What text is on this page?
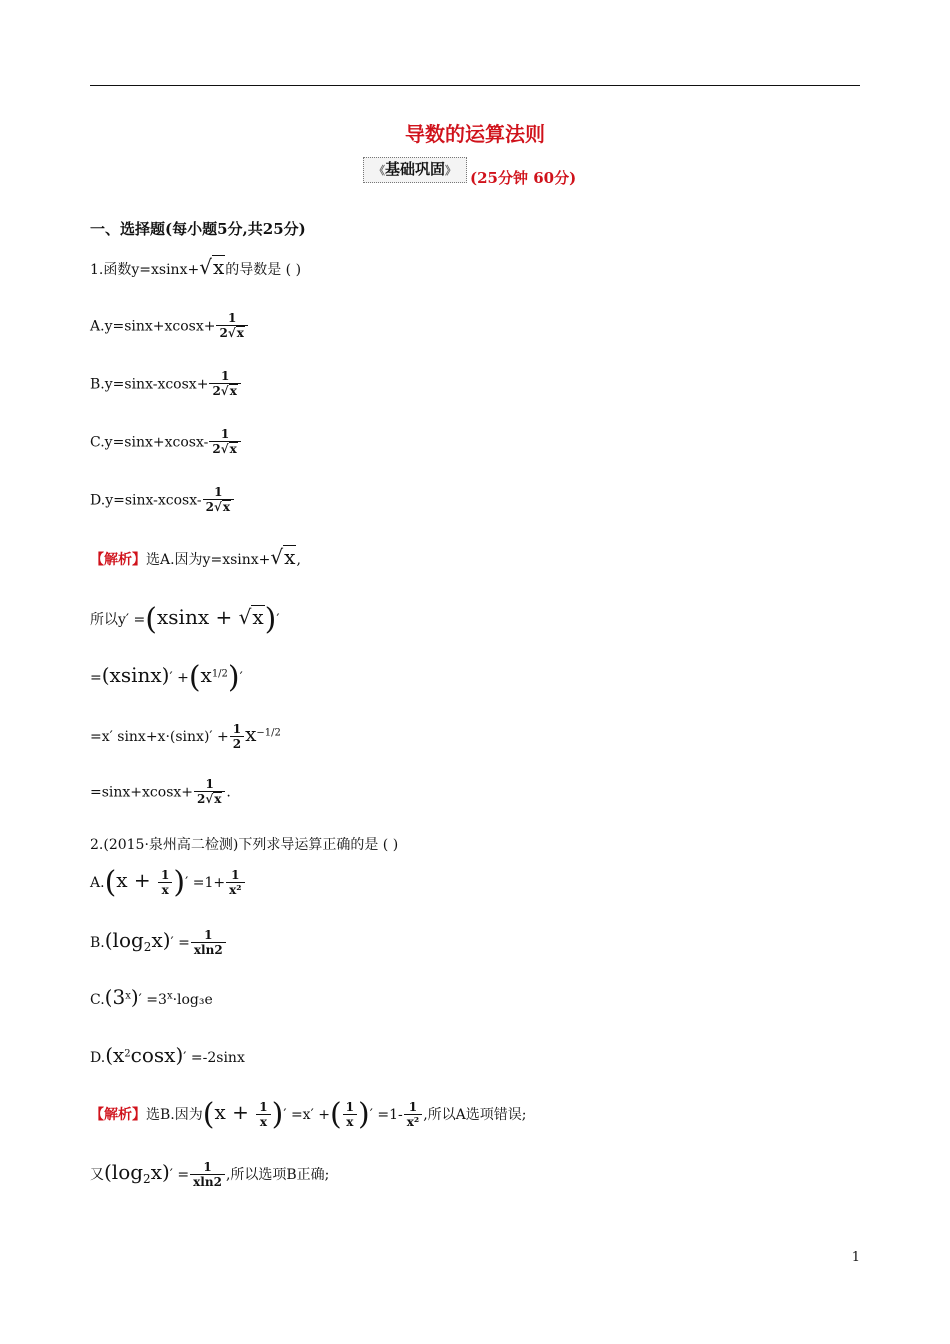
导数的运算法则
《基础巩固》 (25分钟 60分)
一、选择题(每小题5分,共25分)
1.函数y=xsinx+√x的导数是 ( )
$A.y=\sin x+xcosx+ \frac{1}{2√x}$
$B.y=\sin x-xcosx+ \frac{1}{2√x}$
$C.y=\sin x+xcosx- \frac{1}{2√x}$
$D.y=\sin x-xcosx- \frac{1}{2√x}$
【解析】选A.因为y=xsinx+√x,
所以y′ =(xsinx + √x)′
$=(xsinx)' +(x^{1/2})'$
=x′ $\sin x+x\cdot(\sin x)' + \frac{1}{2} x^{-1/2}$
$=\sin x+xcosx+ \frac{1}{2√x}$ .
2.(2015·泉州高二检测)下列求导运算正确的是 ( )
$A.(x + \frac{1}{x}$ )′ $=1+ \frac{1}{\text{x²}}$
$B.(\log 2x)' = \frac{1}{xln2}$
$C.(3^x)' =3^x\cdot\log_3e$
$D.(x^2\cos x)' =-2\sin x$
【解析】选B.因为($x + \frac{1}{x}$ )′ =x′ +( $\frac{1}{x}$ )′ $=1- \frac{1}{\text{x²}}$ ,所以A选项错误;
又$(\log 2x)' = \frac{1}{xln2}$ ,所以选项B正确;
1
